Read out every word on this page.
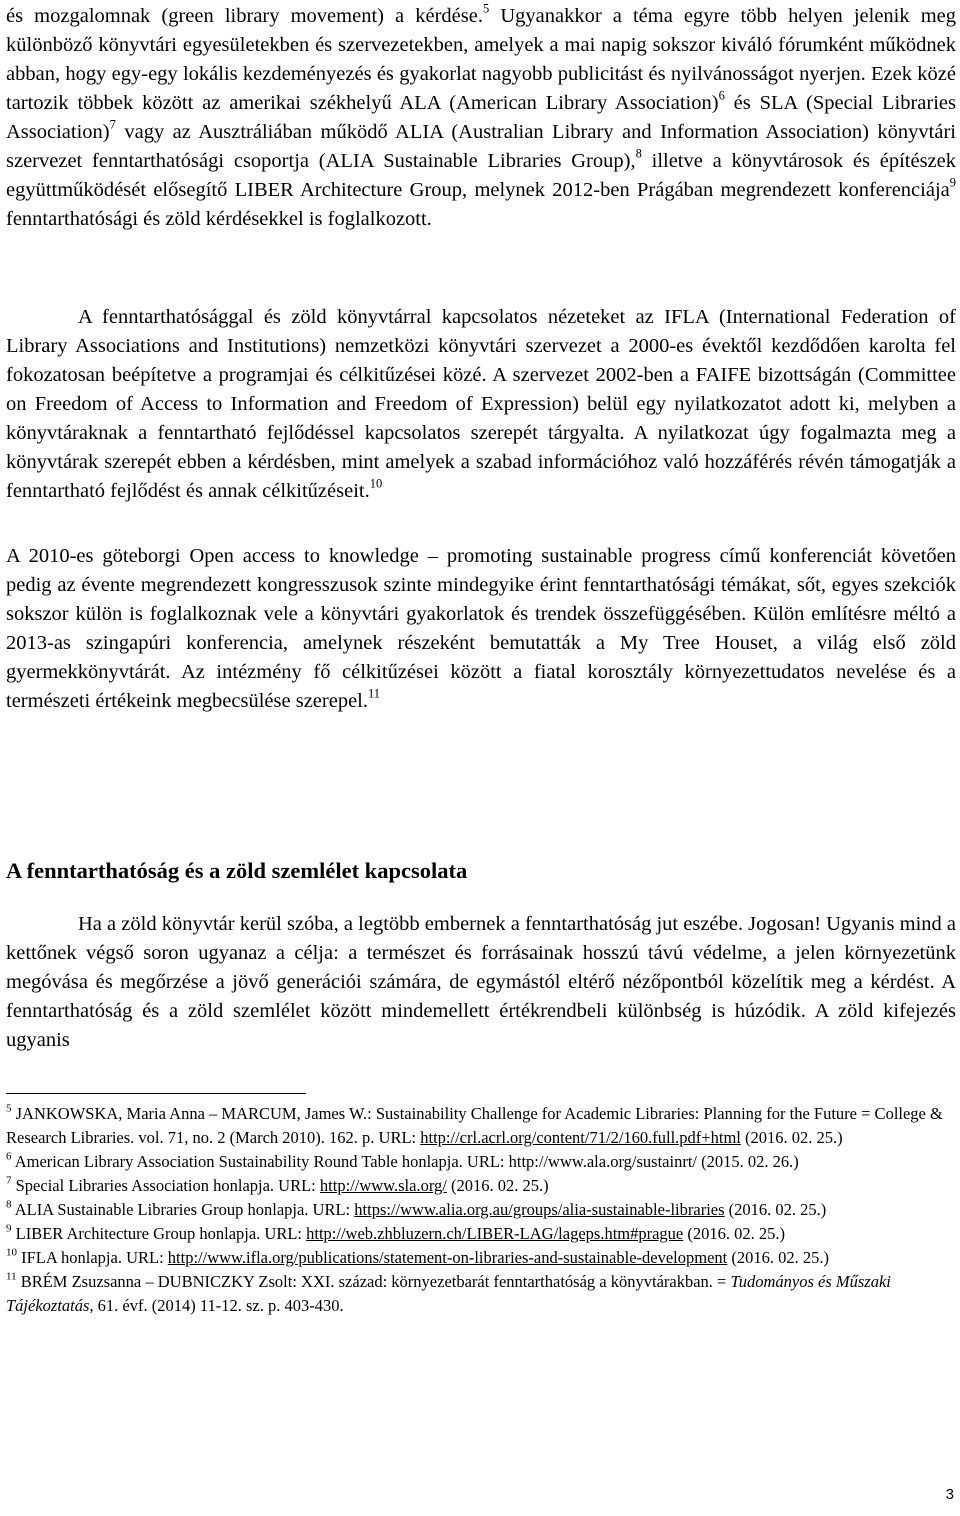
és mozgalomnak (green library movement) a kérdése.$^5$ Ugyanakkor a téma egyre több helyen jelenik meg különböző könyvtári egyesületekben és szervezetekben, amelyek a mai napig sokszor kiváló fórumként működnek abban, hogy egy-egy lokális kezdeményezés és gyakorlat nagyobb publicitást és nyilvánosságot nyerjen. Ezek közé tartozik többek között az amerikai székhelyű ALA (American Library Association)$^6$ és SLA (Special Libraries Association)$^7$ vagy az Ausztráliában működő ALIA (Australian Library and Information Association) könyvtári szervezet fenntarthatósági csoportja (ALIA Sustainable Libraries Group),$^8$ illetve a könyvtárosok és építészek együttműködését elősegítő LIBER Architecture Group, melynek 2012-ben Prágában megrendezett konferenciája$^9$ fenntarthatósági és zöld kérdésekkel is foglalkozott.

A fenntarthatósággal és zöld könyvtárral kapcsolatos nézeteket az IFLA (International Federation of Library Associations and Institutions) nemzetközi könyvtári szervezet a 2000-es évektől kezdődően karolta fel fokozatosan beépítetve a programjai és célkitűzései közé. A szervezet 2002-ben a FAIFE bizottságán (Committee on Freedom of Access to Information and Freedom of Expression) belül egy nyilatkozatot adott ki, melyben a könyvtáraknak a fenntartható fejlődéssel kapcsolatos szerepét tárgyalta. A nyilatkozat úgy fogalmazta meg a könyvtárak szerepét ebben a kérdésben, mint amelyek a szabad információhoz való hozzáférés révén támogatják a fenntartható fejlődést és annak célkitűzéseit.$^{10}$

A 2010-es göteborgi Open access to knowledge – promoting sustainable progress című konferenciát követően pedig az évente megrendezett kongresszusok szinte mindegyike érint fenntarthatósági témákat, sőt, egyes szekciók sokszor külön is foglalkoznak vele a könyvtári gyakorlatok és trendek összefüggésében. Külön említésre méltó a 2013-as szingapúri konferencia, amelynek részeként bemutatták a My Tree Houset, a világ első zöld gyermekkönyvtárát. Az intézmény fő célkitűzései között a fiatal korosztály környezettudatos nevelése és a természeti értékeink megbecsülése szerepel.$^{11}$

A fenntarthatóság és a zöld szemlélet kapcsolata

Ha a zöld könyvtár kerül szóba, a legtöbb embernek a fenntarthatóság jut eszébe. Jogosan! Ugyanis mind a kettőnek végső soron ugyanaz a célja: a természet és forrásainak hosszú távú védelme, a jelen környezetünk megóvása és megőrzése a jövő generációi számára, de egymástól eltérő nézőpontból közelítik meg a kérdést. A fenntarthatóság és a zöld szemlélet között mindemellett értékrendbeli különbség is húzódik. A zöld kifejezés ugyanis

$^5$ JANKOWSKA, Maria Anna – MARCUM, James W.: Sustainability Challenge for Academic Libraries: Planning for the Future = College & Research Libraries. vol. 71, no. 2 (March 2010). 162. p. URL: http://crl.acrl.org/content/71/2/160.full.pdf+html (2016. 02. 25.)

$^6$ American Library Association Sustainability Round Table honlapja. URL: http://www.ala.org/sustainrt/ (2015. 02. 26.)

$^7$ Special Libraries Association honlapja. URL: http://www.sla.org/ (2016. 02. 25.)

$^8$ ALIA Sustainable Libraries Group honlapja. URL: https://www.alia.org.au/groups/alia-sustainable-libraries (2016. 02. 25.)

$^9$ LIBER Architecture Group honlapja. URL: http://web.zhbluzern.ch/LIBER-LAG/lageps.htm#prague (2016. 02. 25.)

$^{10}$ IFLA honlapja. URL: http://www.ifla.org/publications/statement-on-libraries-and-sustainable-development (2016. 02. 25.)

$^{11}$ BRÉM Zsuzsanna – DUBNICZKY Zsolt: XXI. század: környezetbarát fenntarthatóság a könyvtárakban. = Tudományos és Műszaki Tájékoztatás, 61. évf. (2014) 11-12. sz. p. 403-430.

3
